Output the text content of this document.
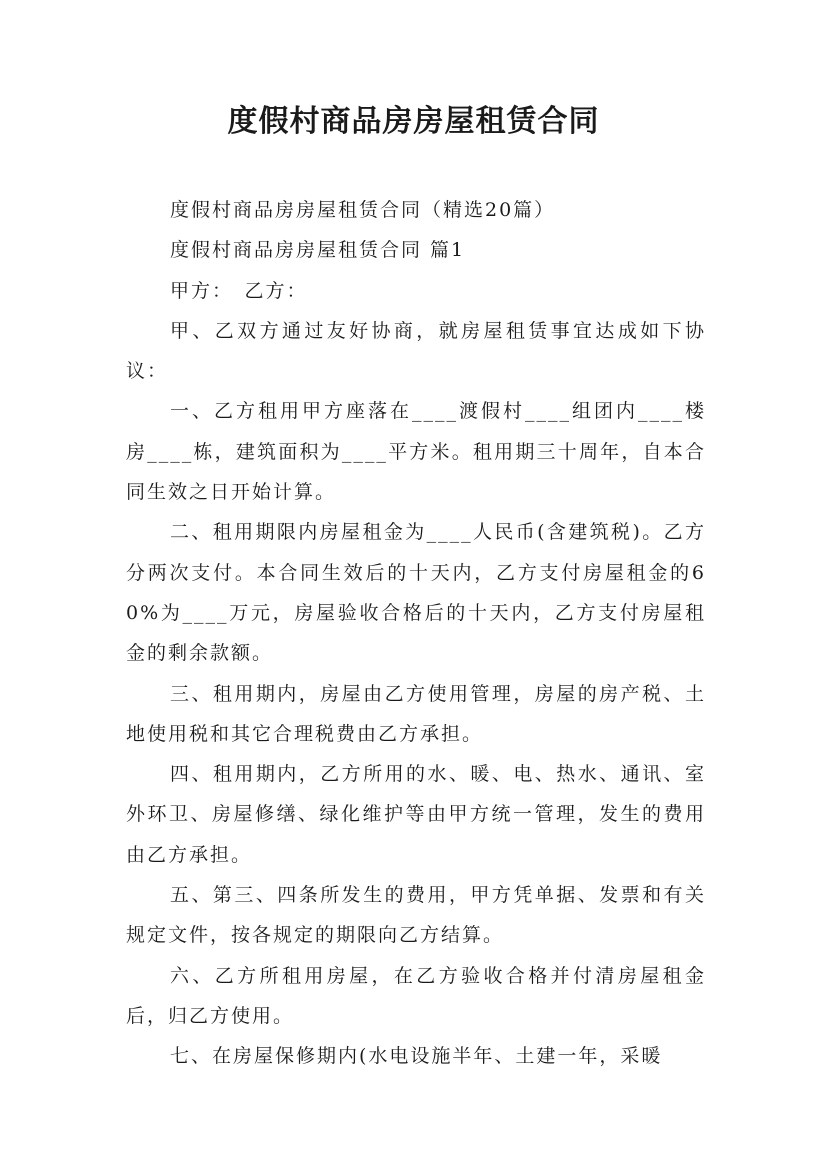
度假村商品房房屋租赁合同

度假村商品房房屋租赁合同（精选20篇）

度假村商品房房屋租赁合同 篇1

甲方：　乙方：

甲、乙双方通过友好协商，就房屋租赁事宜达成如下协议：

一、乙方租用甲方座落在____渡假村____组团内____楼房____栋，建筑面积为____平方米。租用期三十周年，自本合同生效之日开始计算。

二、租用期限内房屋租金为____人民币(含建筑税)。乙方分两次支付。本合同生效后的十天内，乙方支付房屋租金的60%为____万元，房屋验收合格后的十天内，乙方支付房屋租金的剩余款额。

三、租用期内，房屋由乙方使用管理，房屋的房产税、土地使用税和其它合理税费由乙方承担。

四、租用期内，乙方所用的水、暖、电、热水、通讯、室外环卫、房屋修缮、绿化维护等由甲方统一管理，发生的费用由乙方承担。

五、第三、四条所发生的费用，甲方凭单据、发票和有关规定文件，按各规定的期限向乙方结算。

六、乙方所租用房屋，在乙方验收合格并付清房屋租金后，归乙方使用。

七、在房屋保修期内(水电设施半年、土建一年，采暖
